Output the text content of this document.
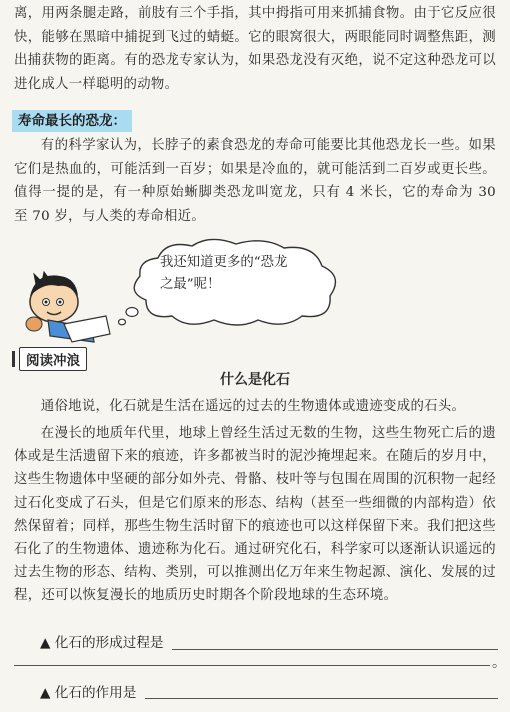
离，用两条腿走路，前肢有三个手指，其中拇指可用来抓捕食物。由于它反应很快，能够在黑暗中捕捉到飞过的蜻蜓。它的眼窝很大，两眼能同时调整焦距，测出捕获物的距离。有的恐龙专家认为，如果恐龙没有灭绝，说不定这种恐龙可以进化成人一样聪明的动物。

寿命最长的恐龙：

有的科学家认为，长脖子的素食恐龙的寿命可能要比其他恐龙长一些。如果它们是热血的，可能活到一百岁；如果是冷血的，就可能活到二百岁或更长些。值得一提的是，有一种原始蜥脚类恐龙叫宽龙，只有 4 米长，它的寿命为 30 至 70 岁，与人类的寿命相近。

我还知道更多的“恐龙之最”呢！
阅读冲浪
什么是化石

通俗地说，化石就是生活在遥远的过去的生物遗体或遗迹变成的石头。

在漫长的地质年代里，地球上曾经生活过无数的生物，这些生物死亡后的遗体或是生活遗留下来的痕迹，许多都被当时的泥沙掩埋起来。在随后的岁月中，这些生物遗体中坚硬的部分如外壳、骨骼、枝叶等与包围在周围的沉积物一起经过石化变成了石头，但是它们原来的形态、结构（甚至一些细微的内部构造）依然保留着；同样，那些生物生活时留下的痕迹也可以这样保留下来。我们把这些石化了的生物遗体、遗迹称为化石。通过研究化石，科学家可以逐渐认识遥远的过去生物的形态、结构、类别，可以推测出亿万年来生物起源、演化、发展的过程，还可以恢复漫长的地质历史时期各个阶段地球的生态环境。

▲ 化石的形成过程是
。
▲ 化石的作用是
